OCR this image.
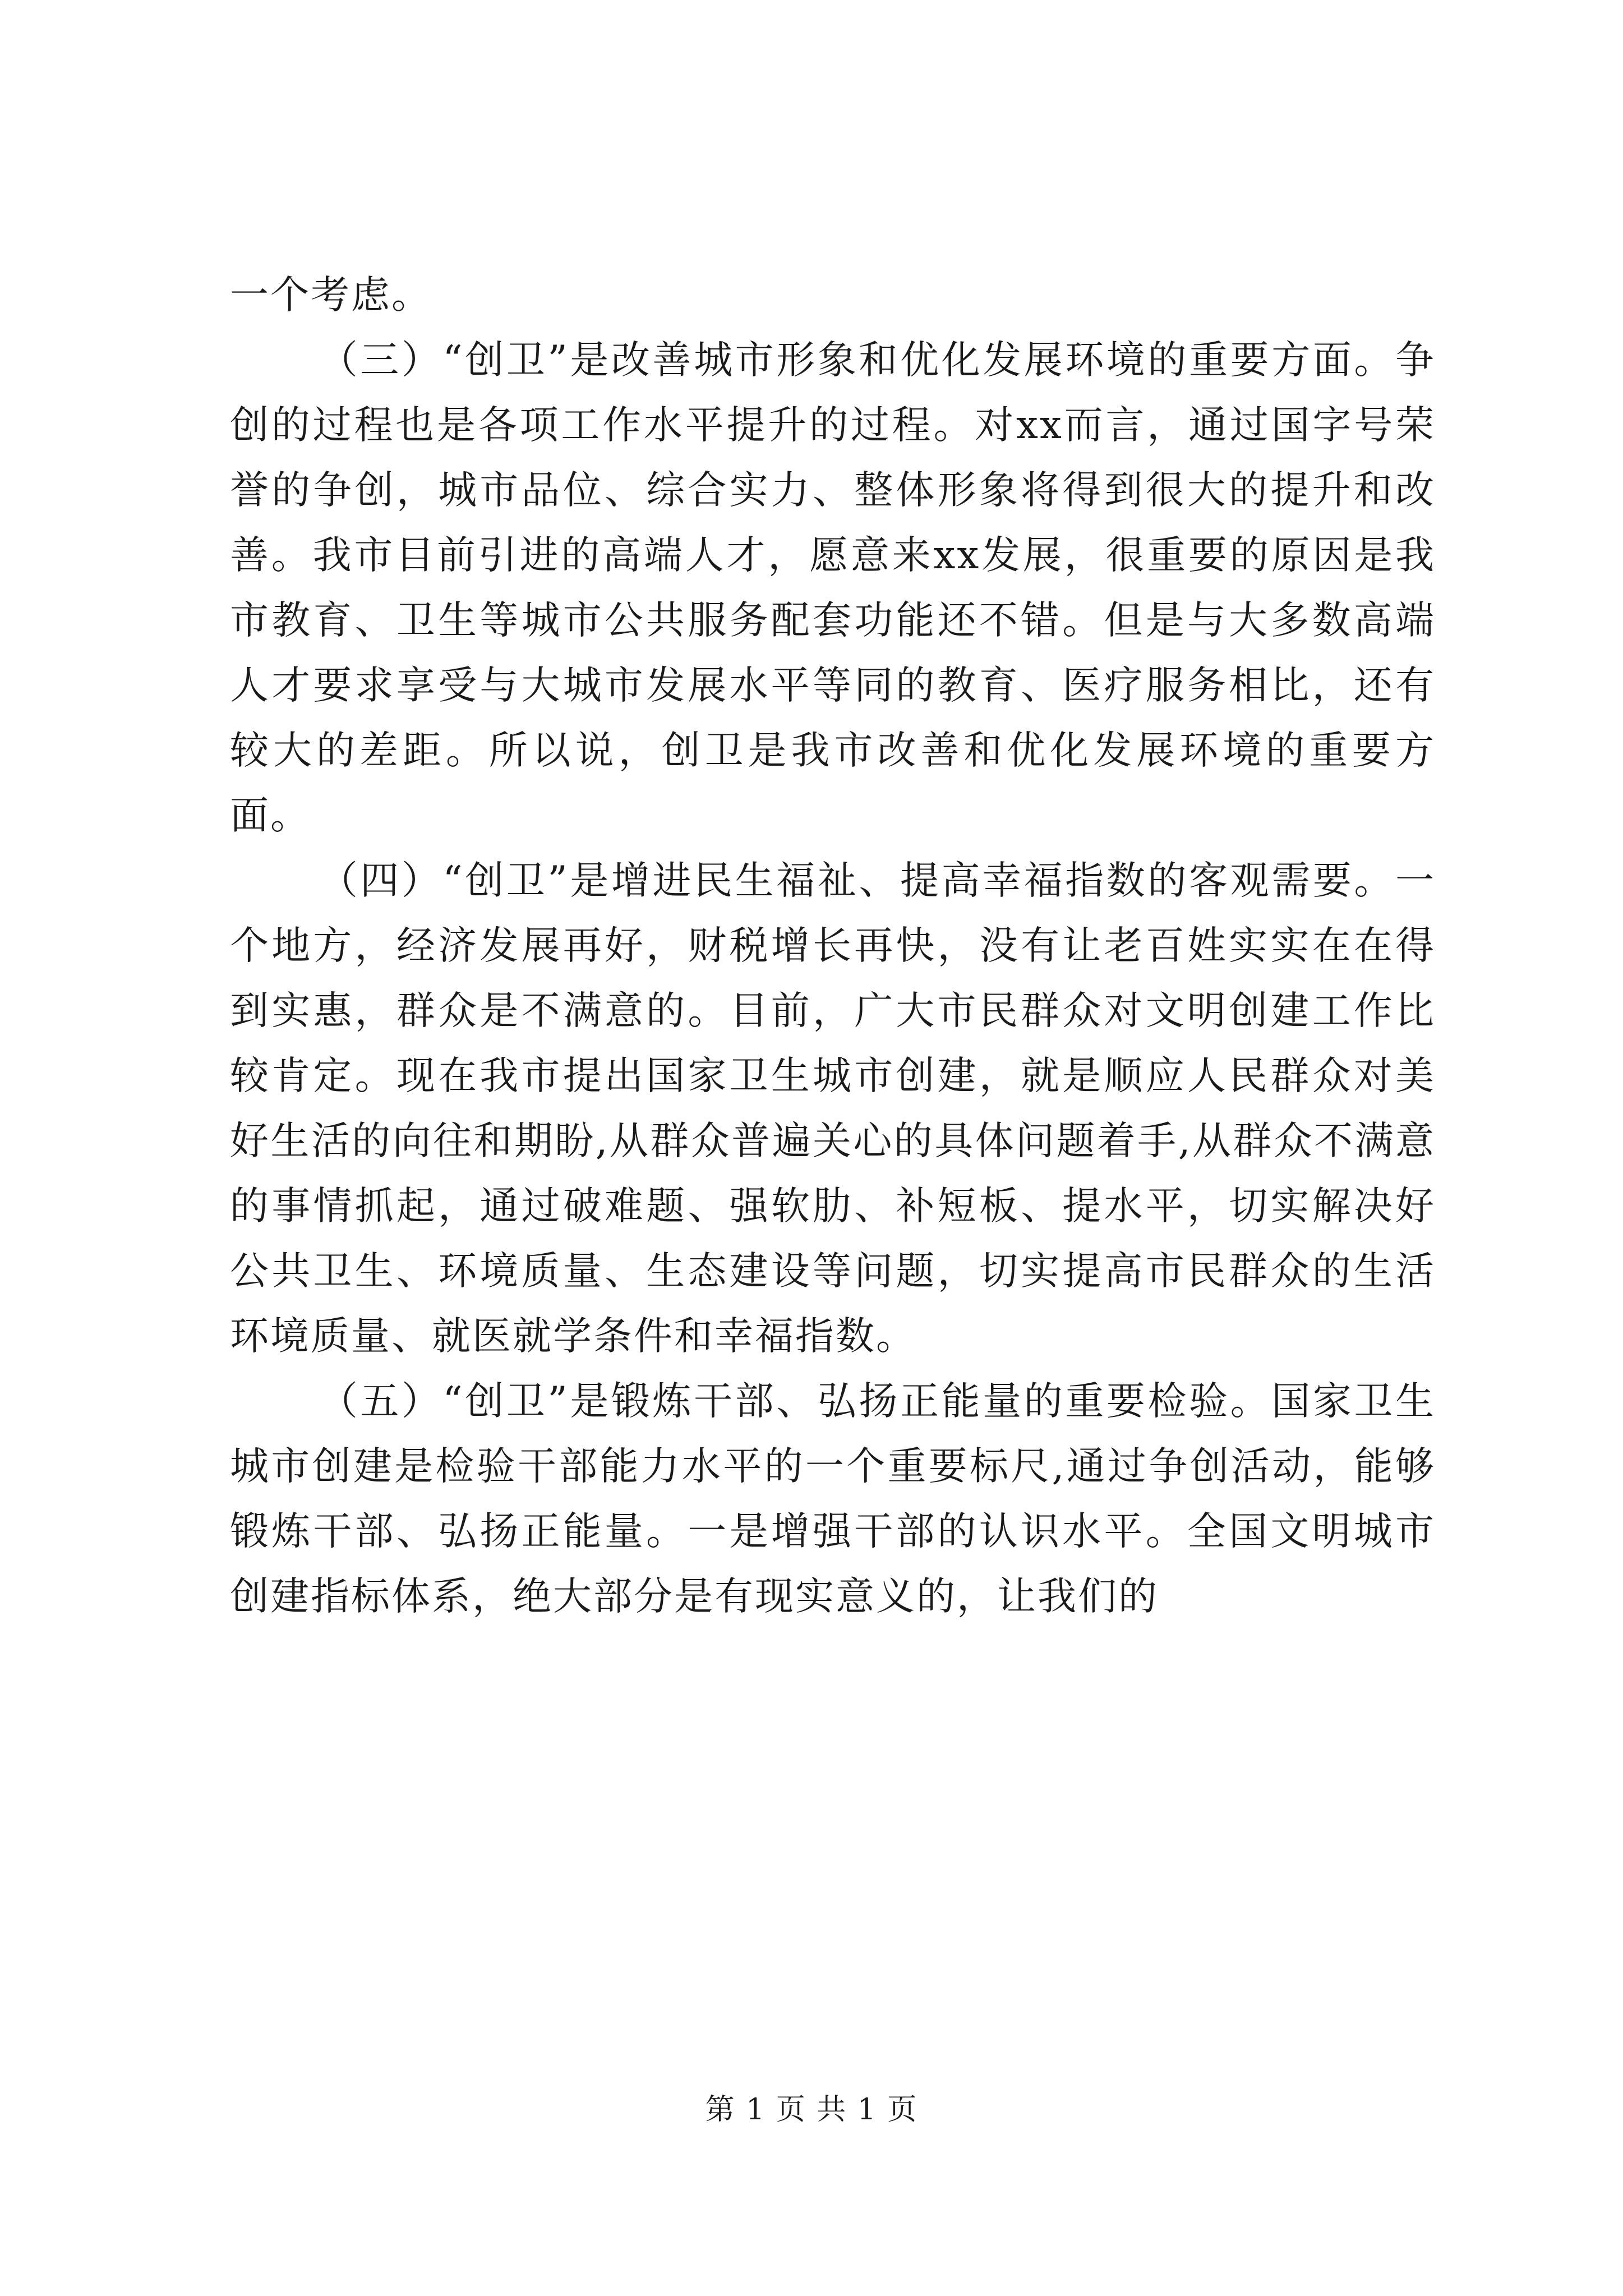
一个考虑。

（三）“创卫”是改善城市形象和优化发展环境的重要方面。争创的过程也是各项工作水平提升的过程。对xx而言，通过国字号荣誉的争创，城市品位、综合实力、整体形象将得到很大的提升和改善。我市目前引进的高端人才，愿意来xx发展，很重要的原因是我市教育、卫生等城市公共服务配套功能还不错。但是与大多数高端人才要求享受与大城市发展水平等同的教育、医疗服务相比，还有较大的差距。所以说，创卫是我市改善和优化发展环境的重要方面。

（四）“创卫”是增进民生福祉、提高幸福指数的客观需要。一个地方，经济发展再好，财税增长再快，没有让老百姓实实在在得到实惠，群众是不满意的。目前，广大市民群众对文明创建工作比较肯定。现在我市提出国家卫生城市创建，就是顺应人民群众对美好生活的向往和期盼,从群众普遍关心的具体问题着手,从群众不满意的事情抓起，通过破难题、强软肋、补短板、提水平，切实解决好公共卫生、环境质量、生态建设等问题，切实提高市民群众的生活环境质量、就医就学条件和幸福指数。

（五）“创卫”是锻炼干部、弘扬正能量的重要检验。国家卫生城市创建是检验干部能力水平的一个重要标尺,通过争创活动，能够锻炼干部、弘扬正能量。一是增强干部的认识水平。全国文明城市创建指标体系，绝大部分是有现实意义的，让我们的

第 1 页 共 1 页
